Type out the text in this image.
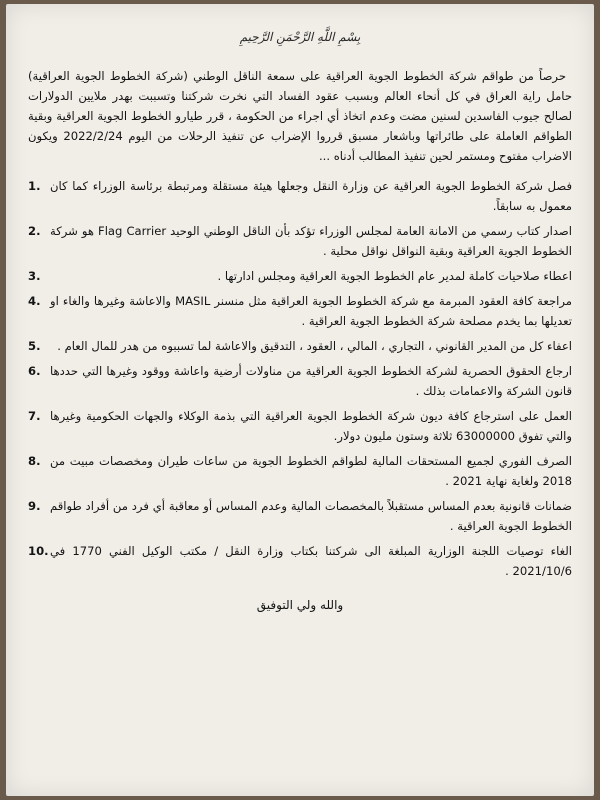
بِسْمِ اللَّهِ الرَّحْمَنِ الرَّحِيمِ

حرصاً من طواقم شركة الخطوط الجوية العراقية على سمعة الناقل الوطني (شركة الخطوط الجوية العراقية) حامل راية العراق في كل أنحاء العالم وبسبب عقود الفساد التي نخرت شركتنا وتسببت بهدر ملايين الدولارات لصالح جيوب الفاسدين لسنين مضت وعدم اتخاذ أي اجراء من الحكومة ، قرر طيارو الخطوط الجوية العراقية وبقية الطواقم العاملة على طائراتها وباشعار مسبق قرروا الإضراب عن تنفيذ الرحلات من اليوم 2022/2/24 ويكون الاضراب مفتوح ومستمر لحين تنفيذ المطالب أدناه ...

1. فصل شركة الخطوط الجوية العراقية عن وزارة النقل وجعلها هيئة مستقلة ومرتبطة برئاسة الوزراء كما كان معمول به سابقاً.
2. اصدار كتاب رسمي من الامانة العامة لمجلس الوزراء تؤكد بأن الناقل الوطني الوحيد Flag Carrier هو شركة الخطوط الجوية العراقية وبقية النواقل نواقل محلية .
3.	اعطاء صلاحيات كاملة لمدير عام الخطوط الجوية العراقية ومجلس ادارتها .
4. مراجعة كافة العقود المبرمة مع شركة الخطوط الجوية العراقية مثل منسنر MASIL والاعاشة وغيرها والغاء او تعديلها بما يخدم مصلحة شركة الخطوط الجوية العراقية .
5.	اعفاء كل من المدير القانوني ، التجاري ، المالي ، العقود ، التدقيق والاعاشة لما تسببوه من هدر للمال العام .
6. ارجاع الحقوق الحصرية لشركة الخطوط الجوية العراقية من مناولات أرضية واعاشة ووقود وغيرها التي حددها قانون الشركة والاعمامات بذلك .
7. العمل على استرجاع كافة ديون شركة الخطوط الجوية العراقية التي بذمة الوكلاء والجهات الحكومية وغيرها والتي تفوق 63000000 ثلاثة وستون مليون دولار.
8. الصرف الفوري لجميع المستحقات المالية لطواقم الخطوط الجوية من ساعات طيران ومخصصات مبيت من 2018 ولغاية نهاية 2021 .
9. ضمانات قانونية بعدم المساس مستقبلاً بالمخصصات المالية وعدم المساس أو معاقبة أي فرد من أفراد طواقم الخطوط الجوية العراقية .
10. الغاء توصيات اللجنة الوزارية المبلغة الى شركتنا بكتاب وزارة النقل / مكتب الوكيل الفني 1770 في 2021/10/6 .
والله ولي التوفيق
